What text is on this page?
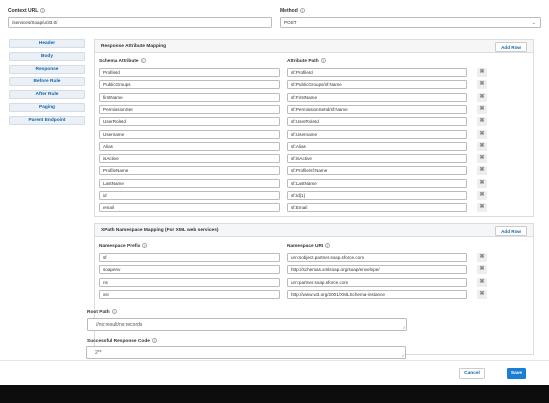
Context URL i
/services/Soap/u/33.0/
Method i
POST	⌄
Header
Body
Response
Before Rule
After Rule
Paging
Parent Endpoint
Response Attribute Mapping	Add Row
Schema Attribute i	Attribute Path i
ProfileId	sf:ProfileId	✖
PublicGroups	sf:PublicGroups/sf:Name	✖
firstName	sf:FirstName	✖
PermissionSet	sf:PermissionSetId/sf:Name	✖
UserRoleId	sf:UserRoleId	✖
Username	sf:Username	✖
Alias	sf:Alias	✖
isActive	sf:IsActive	✖
ProfileName	sf:Profile/sf:Name	✖
LastName	sf:LastName	✖
id	sf:Id[1]	✖
email	sf:Email	✖
XPath Namespace Mapping (For XML web services)	Add Row
Namespace Prefix i	Namespace URI i
sf	urn:sobject.partner.soap.sforce.com	✖
soapenv	http://schemas.xmlsoap.org/soap/envelope/	✖
ns	urn:partner.soap.sforce.com	✖
xsi	http://www.w3.org/2001/XMLSchema-instance	✖
Root Path i
//ns:result/ns:records	∕∕
Successful Response Code i
2**	∕∕
Cancel	Save
